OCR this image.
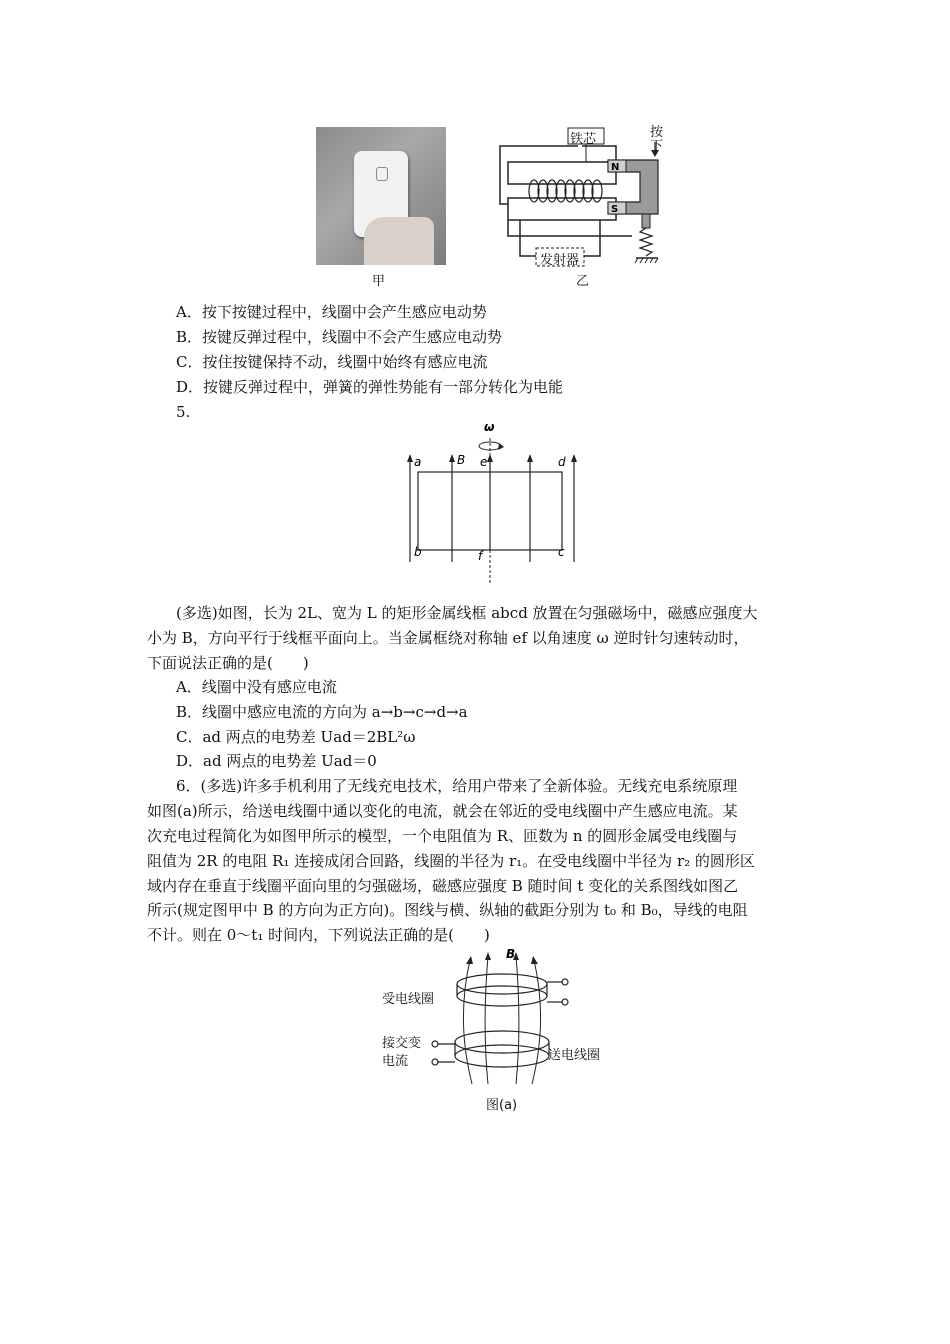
甲
N
S
铁芯	按
下
发射器
乙
A．按下按键过程中，线圈中会产生感应电动势
B．按键反弹过程中，线圈中不会产生感应电动势
C．按住按键保持不动，线圈中始终有感应电流
D．按键反弹过程中，弹簧的弹性势能有一部分转化为电能
5.
ω
a	B e	d
b	f	c
(多选)如图，长为 2L、宽为 L 的矩形金属线框 abcd 放置在匀强磁场中，磁感应强度大
小为 B，方向平行于线框平面向上。当金属框绕对称轴 ef 以角速度 ω 逆时针匀速转动时，
下面说法正确的是(　　)
A．线圈中没有感应电流
B．线圈中感应电流的方向为 a→b→c→d→a
C．ad 两点的电势差 Uad＝2BL²ω
D．ad 两点的电势差 Uad＝0
6．(多选)许多手机利用了无线充电技术，给用户带来了全新体验。无线充电系统原理
如图(a)所示，给送电线圈中通以变化的电流，就会在邻近的受电线圈中产生感应电流。某
次充电过程简化为如图甲所示的模型，一个电阻值为 R、匝数为 n 的圆形金属受电线圈与
阻值为 2R 的电阻 R₁ 连接成闭合回路，线圈的半径为 r₁。在受电线圈中半径为 r₂ 的圆形区
域内存在垂直于线圈平面向里的匀强磁场，磁感应强度 B 随时间 t 变化的关系图线如图乙
所示(规定图甲中 B 的方向为正方向)。图线与横、纵轴的截距分别为 t₀ 和 B₀，导线的电阻
不计。则在 0～t₁ 时间内，下列说法正确的是(　　)
B
受电线圈
接交变
电流	送电线圈
图(a)
